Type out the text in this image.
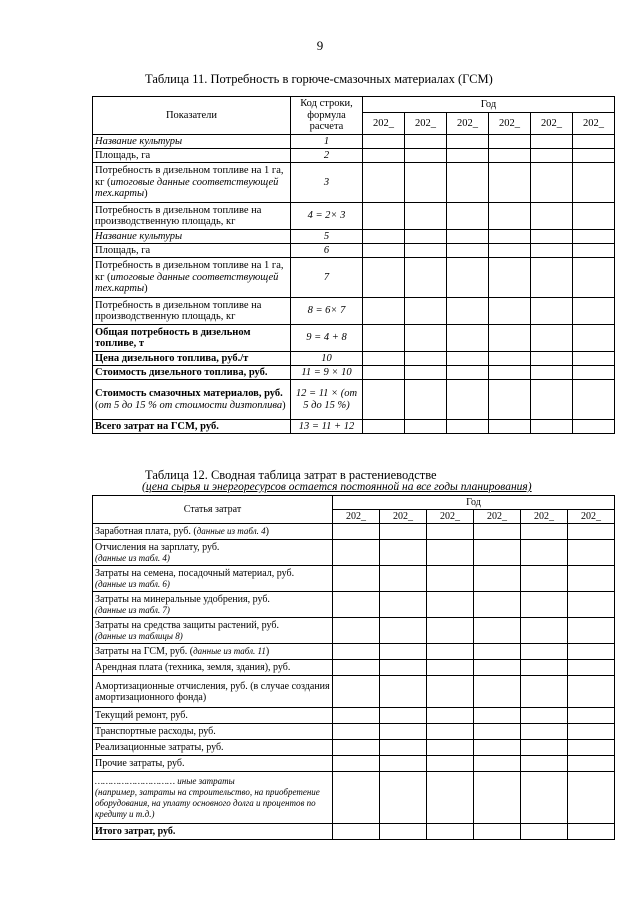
9
Таблица 11. Потребность в горюче-смазочных материалах (ГСМ)
Показатели	Код строки, формула расчета	Год					
		202_	202_	202_	202_	202_	202_
Название культуры	1						
Площадь, га	2						
Потребность в дизельном топливе на 1 га, кг (итоговые данные соответствующей тех.карты)	3						
Потребность в дизельном топливе на производственную площадь, кг	4 = 2× 3						
Название культуры	5						
Площадь, га	6						
Потребность в дизельном топливе на 1 га, кг (итоговые данные соответствующей тех.карты)	7						
Потребность в дизельном топливе на производственную площадь, кг	8 = 6× 7						
Общая потребность в дизельном топливе, т	9 = 4 + 8						
Цена дизельного топлива, руб./т	10						
Стоимость дизельного топлива, руб.	11 = 9 × 10						
Стоимость смазочных материалов, руб. (от 5 до 15 % от стоимости дизтоплива)	12 = 11 × (от 5 до 15 %)						
Всего затрат на ГСМ, руб.	13 = 11 + 12						
Таблица 12. Сводная таблица затрат в растениеводстве
(цена сырья и энергоресурсов остается постоянной на все годы планирования)
Статья затрат	Год					
	202_	202_	202_	202_	202_	202_
Заработная плата, руб. (данные из табл. 4)						
Отчисления на зарплату, руб.
(данные из табл. 4)						
Затраты на семена, посадочный материал, руб.
(данные из табл. 6)						
Затраты на минеральные удобрения, руб.
(данные из табл. 7)						
Затраты на средства защиты растений, руб.
(данные из таблицы 8)						
Затраты на ГСМ, руб. (данные из табл. 11)						
Арендная плата (техника, земля, здания), руб.						
Амортизационные отчисления, руб. (в случае создания амортизационного фонда)						
Текущий ремонт, руб.						
Транспортные расходы, руб.						
Реализационные затраты, руб.						
Прочие затраты, руб.						
………………………… иные затраты
(например, затраты на строительство, на приобретение оборудования, на уплату основного долга и процентов по кредиту и т.д.)						
Итого затрат, руб.						
